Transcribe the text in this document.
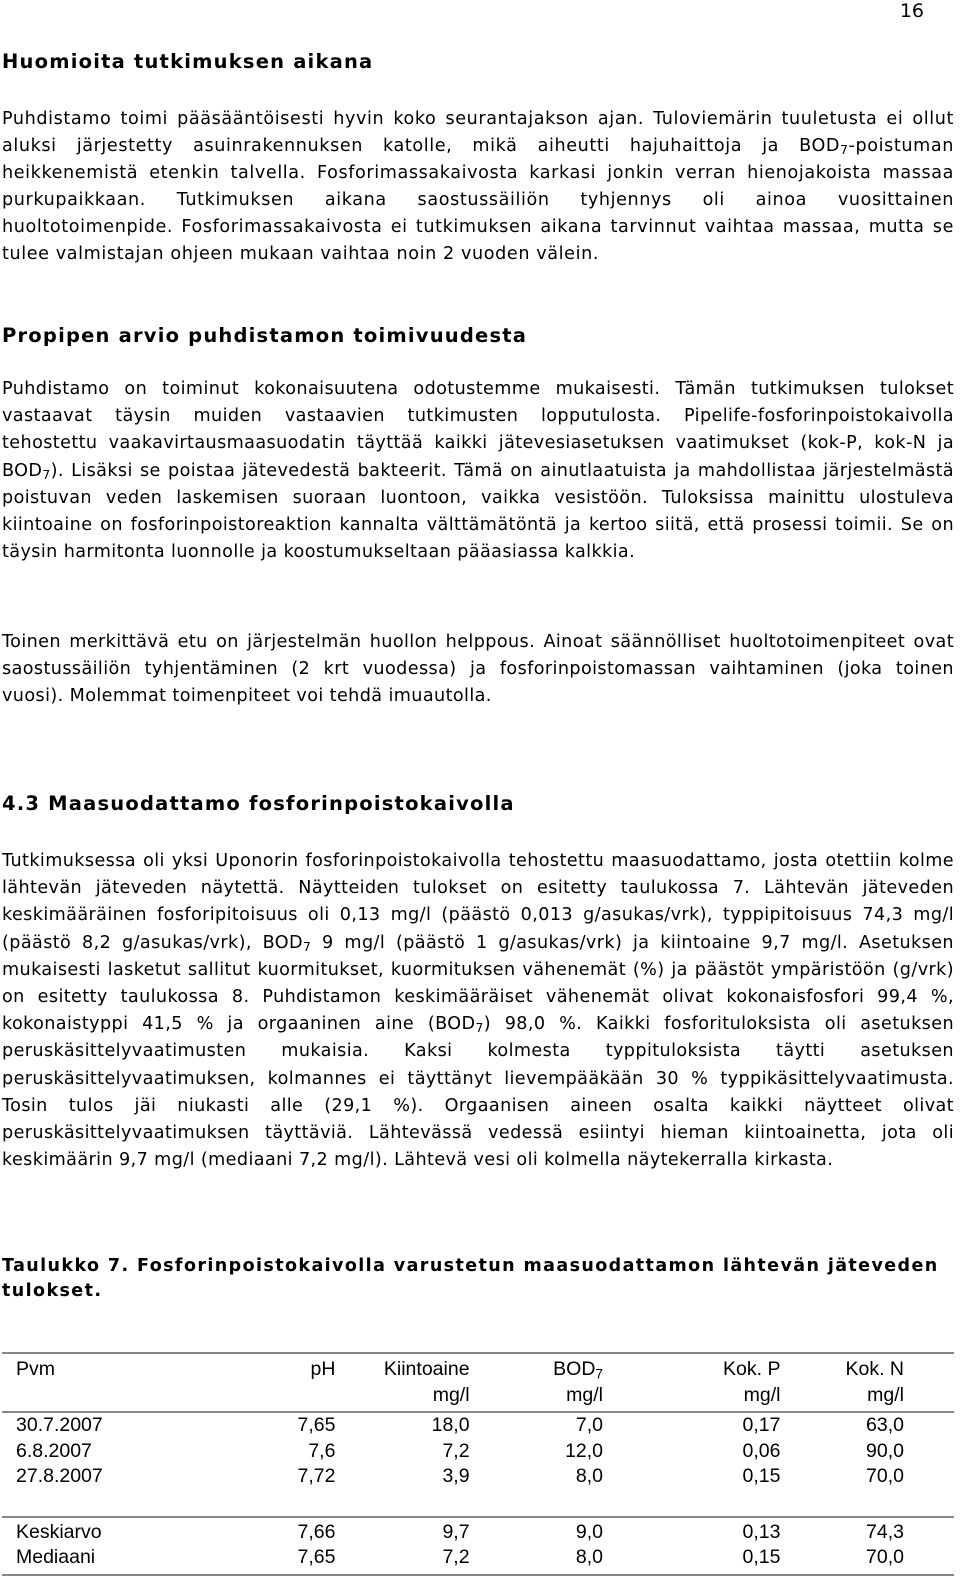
16
Huomioita tutkimuksen aikana

Puhdistamo toimi pääsääntöisesti hyvin koko seurantajakson ajan. Tuloviemärin tuuletusta ei ollut aluksi järjestetty asuinrakennuksen katolle, mikä aiheutti hajuhaittoja ja $BOD_7$-poistuman heikkenemistä etenkin talvella. Fosforimassakaivosta karkasi jonkin verran hienojakoista massaa purkupaikkaan. Tutkimuksen aikana saostussäiliön tyhjennys oli ainoa vuosittainen huoltotoimenpide. Fosforimassakaivosta ei tutkimuksen aikana tarvinnut vaihtaa massaa, mutta se tulee valmistajan ohjeen mukaan vaihtaa noin 2 vuoden välein.

Propipen arvio puhdistamon toimivuudesta

Puhdistamo on toiminut kokonaisuutena odotustemme mukaisesti. Tämän tutkimuksen tulokset vastaavat täysin muiden vastaavien tutkimusten lopputulosta. Pipelife-fosforinpoistokaivolla tehostettu vaakavirtausmaasuodatin täyttää kaikki jätevesiasetuksen vaatimukset (kok-P, kok-N ja $BOD_7$). Lisäksi se poistaa jätevedestä bakteerit. Tämä on ainutlaatuista ja mahdollistaa järjestelmästä poistuvan veden laskemisen suoraan luontoon, vaikka vesistöön. Tuloksissa mainittu ulostuleva kiintoaine on fosforinpoistoreaktion kannalta välttämätöntä ja kertoo siitä, että prosessi toimii. Se on täysin harmitonta luonnolle ja koostumukseltaan pääasiassa kalkkia.

Toinen merkittävä etu on järjestelmän huollon helppous. Ainoat säännölliset huoltotoimenpiteet ovat saostussäiliön tyhjentäminen (2 krt vuodessa) ja fosforinpoistomassan vaihtaminen (joka toinen vuosi). Molemmat toimenpiteet voi tehdä imuautolla.

4.3 Maasuodattamo fosforinpoistokaivolla

Tutkimuksessa oli yksi Uponorin fosforinpoistokaivolla tehostettu maasuodattamo, josta otettiin kolme lähtevän jäteveden näytettä. Näytteiden tulokset on esitetty taulukossa 7. Lähtevän jäteveden keskimääräinen fosforipitoisuus oli 0,13 mg/l (päästö 0,013 g/asukas/vrk), typpipitoisuus 74,3 mg/l (päästö 8,2 g/asukas/vrk), $BOD_7$ 9 mg/l (päästö 1 g/asukas/vrk) ja kiintoaine 9,7 mg/l. Asetuksen mukaisesti lasketut sallitut kuormitukset, kuormituksen vähenemät (%) ja päästöt ympäristöön (g/vrk) on esitetty taulukossa 8. Puhdistamon keskimääräiset vähenemät olivat kokonaisfosfori 99,4 %, kokonaistyppi 41,5 % ja orgaaninen aine $(BOD_7)$ 98,0 %. Kaikki fosforituloksista oli asetuksen peruskäsittelyvaatimusten mukaisia. Kaksi kolmesta typpituloksista täytti asetuksen peruskäsittelyvaatimuksen, kolmannes ei täyttänyt lievempääkään 30 % typpikäsittelyvaatimusta. Tosin tulos jäi niukasti alle (29,1 %). Orgaanisen aineen osalta kaikki näytteet olivat peruskäsittelyvaatimuksen täyttäviä. Lähtevässä vedessä esiintyi hieman kiintoainetta, jota oli keskimäärin 9,7 mg/l (mediaani 7,2 mg/l). Lähtevä vesi oli kolmella näytekerralla kirkasta.

Taulukko 7. Fosforinpoistokaivolla varustetun maasuodattamon lähtevän jäteveden tulokset.

Pvm	pH	Kiintoaine	$BOD_7$	Kok. P	Kok. N
		mg/l	mg/l	mg/l	mg/l
30.7.2007	7,65	18,0	7,0	0,17	63,0
6.8.2007	7,6	7,2	12,0	0,06	90,0
27.8.2007	7,72	3,9	8,0	0,15	70,0

Keskiarvo	7,66	9,7	9,0	0,13	74,3
Mediaani	7,65	7,2	8,0	0,15	70,0
